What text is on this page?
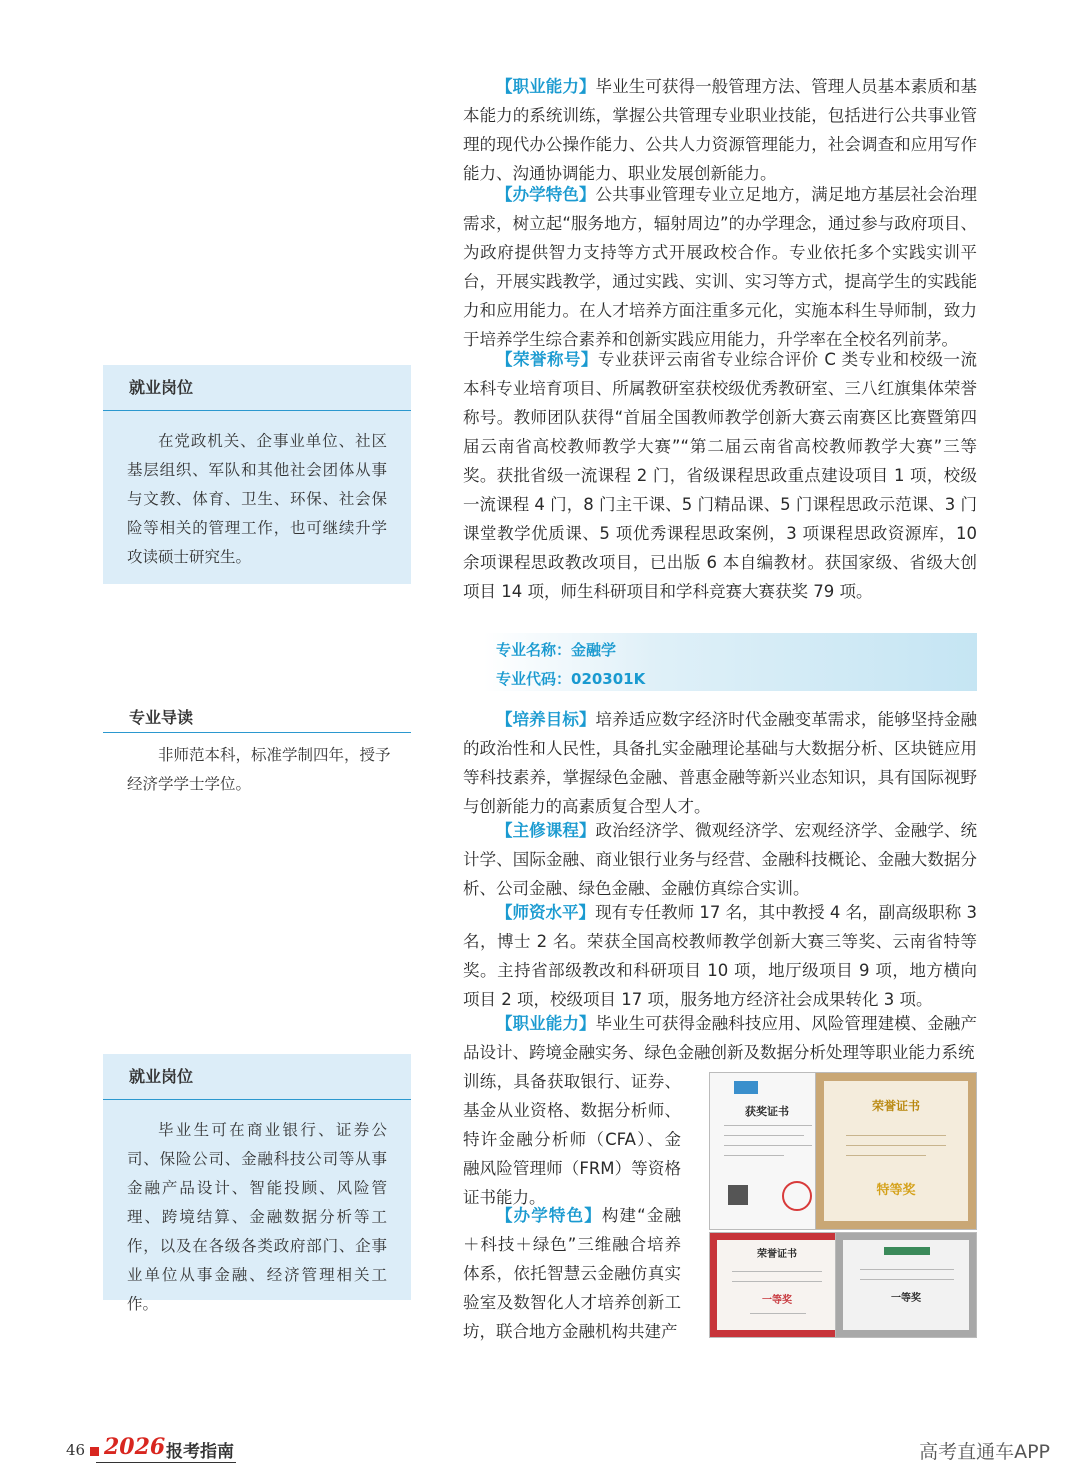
【职业能力】毕业生可获得一般管理方法、管理人员基本素质和基本能力的系统训练，掌握公共管理专业职业技能，包括进行公共事业管理的现代办公操作能力、公共人力资源管理能力，社会调查和应用写作能力、沟通协调能力、职业发展创新能力。

【办学特色】公共事业管理专业立足地方，满足地方基层社会治理需求，树立起“服务地方，辐射周边”的办学理念，通过参与政府项目、为政府提供智力支持等方式开展政校合作。专业依托多个实践实训平台，开展实践教学，通过实践、实训、实习等方式，提高学生的实践能力和应用能力。在人才培养方面注重多元化，实施本科生导师制，致力于培养学生综合素养和创新实践应用能力，升学率在全校名列前茅。

【荣誉称号】专业获评云南省专业综合评价 C 类专业和校级一流本科专业培育项目、所属教研室获校级优秀教研室、三八红旗集体荣誉称号。教师团队获得“首届全国教师教学创新大赛云南赛区比赛暨第四届云南省高校教师教学大赛”“第二届云南省高校教师教学大赛”三等奖。获批省级一流课程 2 门，省级课程思政重点建设项目 1 项，校级一流课程 4 门，8 门主干课、5 门精品课、5 门课程思政示范课、3 门课堂教学优质课、5 项优秀课程思政案例，3 项课程思政资源库，10 余项课程思政教改项目，已出版 6 本自编教材。获国家级、省级大创项目 14 项，师生科研项目和学科竞赛大赛获奖 79 项。

专业名称：金融学
专业代码：020301K

【培养目标】培养适应数字经济时代金融变革需求，能够坚持金融的政治性和人民性，具备扎实金融理论基础与大数据分析、区块链应用等科技素养，掌握绿色金融、普惠金融等新兴业态知识，具有国际视野与创新能力的高素质复合型人才。

【主修课程】政治经济学、微观经济学、宏观经济学、金融学、统计学、国际金融、商业银行业务与经营、金融科技概论、金融大数据分析、公司金融、绿色金融、金融仿真综合实训。

【师资水平】现有专任教师 17 名，其中教授 4 名，副高级职称 3 名，博士 2 名。荣获全国高校教师教学创新大赛三等奖、云南省特等奖。主持省部级教改和科研项目 10 项，地厅级项目 9 项，地方横向项目 2 项，校级项目 17 项，服务地方经济社会成果转化 3 项。

【职业能力】毕业生可获得金融科技应用、风险管理建模、金融产品设计、跨境金融实务、绿色金融创新及数据分析处理等职业能力系统

训练，具备获取银行、证券、基金从业资格、数据分析师、特许金融分析师（CFA）、金融风险管理师（FRM）等资格证书能力。

【办学特色】构建“金融＋科技＋绿色”三维融合培养体系，依托智慧云金融仿真实验室及数智化人才培养创新工坊，联合地方金融机构共建产

获奖证书	荣誉证书
特等奖
荣誉证书
一等奖	一等奖
就业岗位
在党政机关、企事业单位、社区基层组织、军队和其他社会团体从事与文教、体育、卫生、环保、社会保险等相关的管理工作，也可继续升学攻读硕士研究生。
专业导读
非师范本科，标准学制四年，授予经济学学士学位。
就业岗位
毕业生可在商业银行、证券公司、保险公司、金融科技公司等从事金融产品设计、智能投顾、风险管理、跨境结算、金融数据分析等工作，以及在各级各类政府部门、企事业单位从事金融、经济管理相关工作。
46 2026 报考指南	高考直通车APP
